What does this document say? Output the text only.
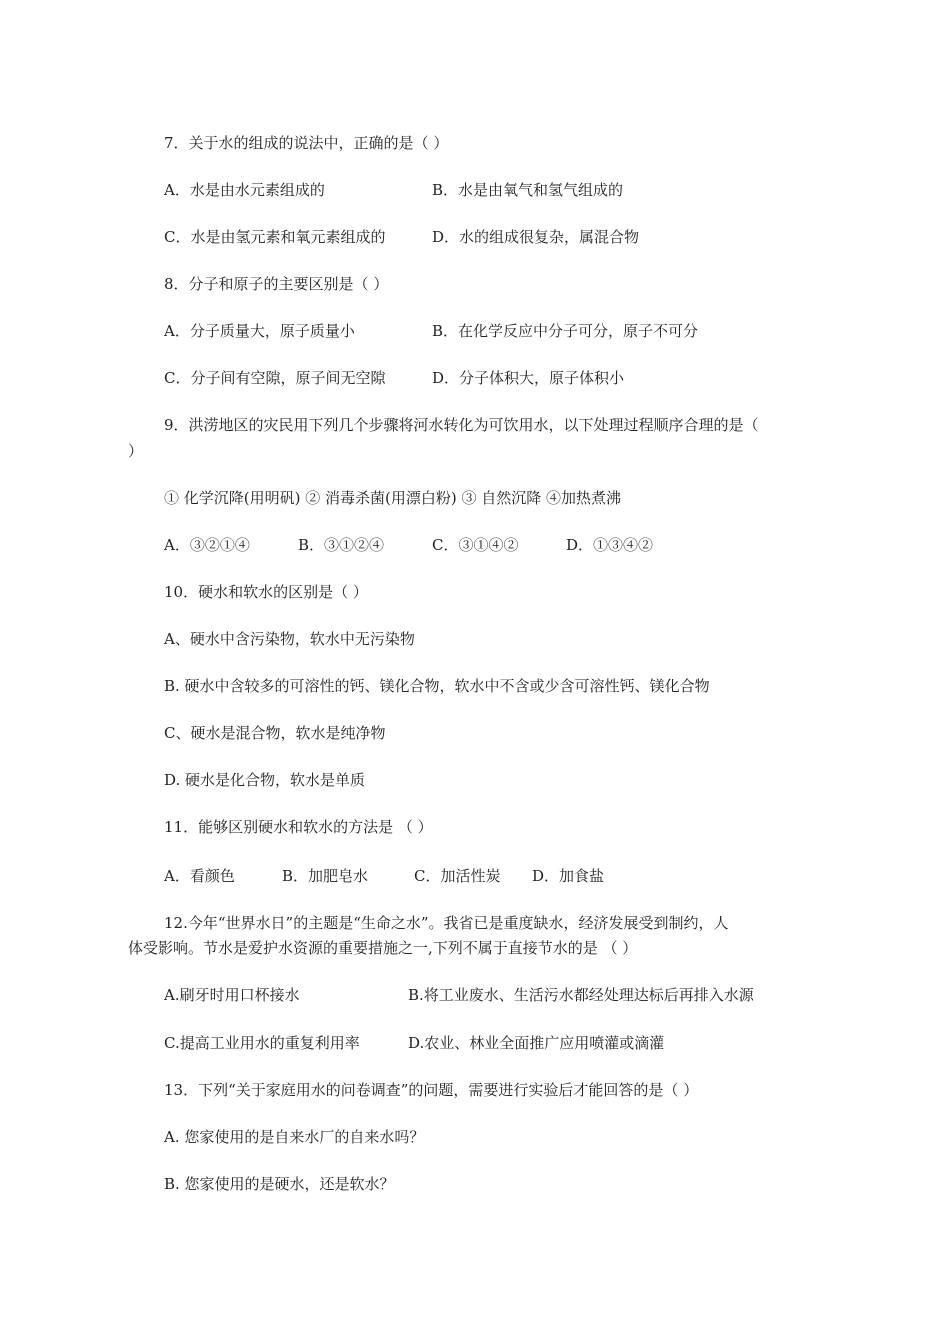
7．关于水的组成的说法中，正确的是（ ）
A．水是由水元素组成的	B．水是由氧气和氢气组成的
C．水是由氢元素和氧元素组成的	D．水的组成很复杂，属混合物
8．分子和原子的主要区别是（ ）
A．分子质量大，原子质量小	B．在化学反应中分子可分，原子不可分
C．分子间有空隙，原子间无空隙	D．分子体积大，原子体积小
9．洪涝地区的灾民用下列几个步骤将河水转化为可饮用水，以下处理过程顺序合理的是（
）
① 化学沉降(用明矾) ② 消毒杀菌(用漂白粉) ③ 自然沉降 ④加热煮沸
A．③②①④	B．③①②④	C．③①④②	D．①③④②
10．硬水和软水的区别是（ ）
A、硬水中含污染物，软水中无污染物
B. 硬水中含较多的可溶性的钙、镁化合物，软水中不含或少含可溶性钙、镁化合物
C、硬水是混合物，软水是纯净物
D. 硬水是化合物，软水是单质
11．能够区别硬水和软水的方法是 （ ）
A．看颜色	B．加肥皂水	C．加活性炭 D．加食盐
12.今年“世界水日”的主题是“生命之水”。我省已是重度缺水，经济发展受到制约，人
体受影响。节水是爱护水资源的重要措施之一,下列不属于直接节水的是 （ ）
A.刷牙时用口杯接水	B.将工业废水、生活污水都经处理达标后再排入水源
C.提高工业用水的重复利用率	D.农业、林业全面推广应用喷灌或滴灌
13．下列“关于家庭用水的问卷调查”的问题，需要进行实验后才能回答的是（ ）
A. 您家使用的是自来水厂的自来水吗？
B. 您家使用的是硬水，还是软水？
